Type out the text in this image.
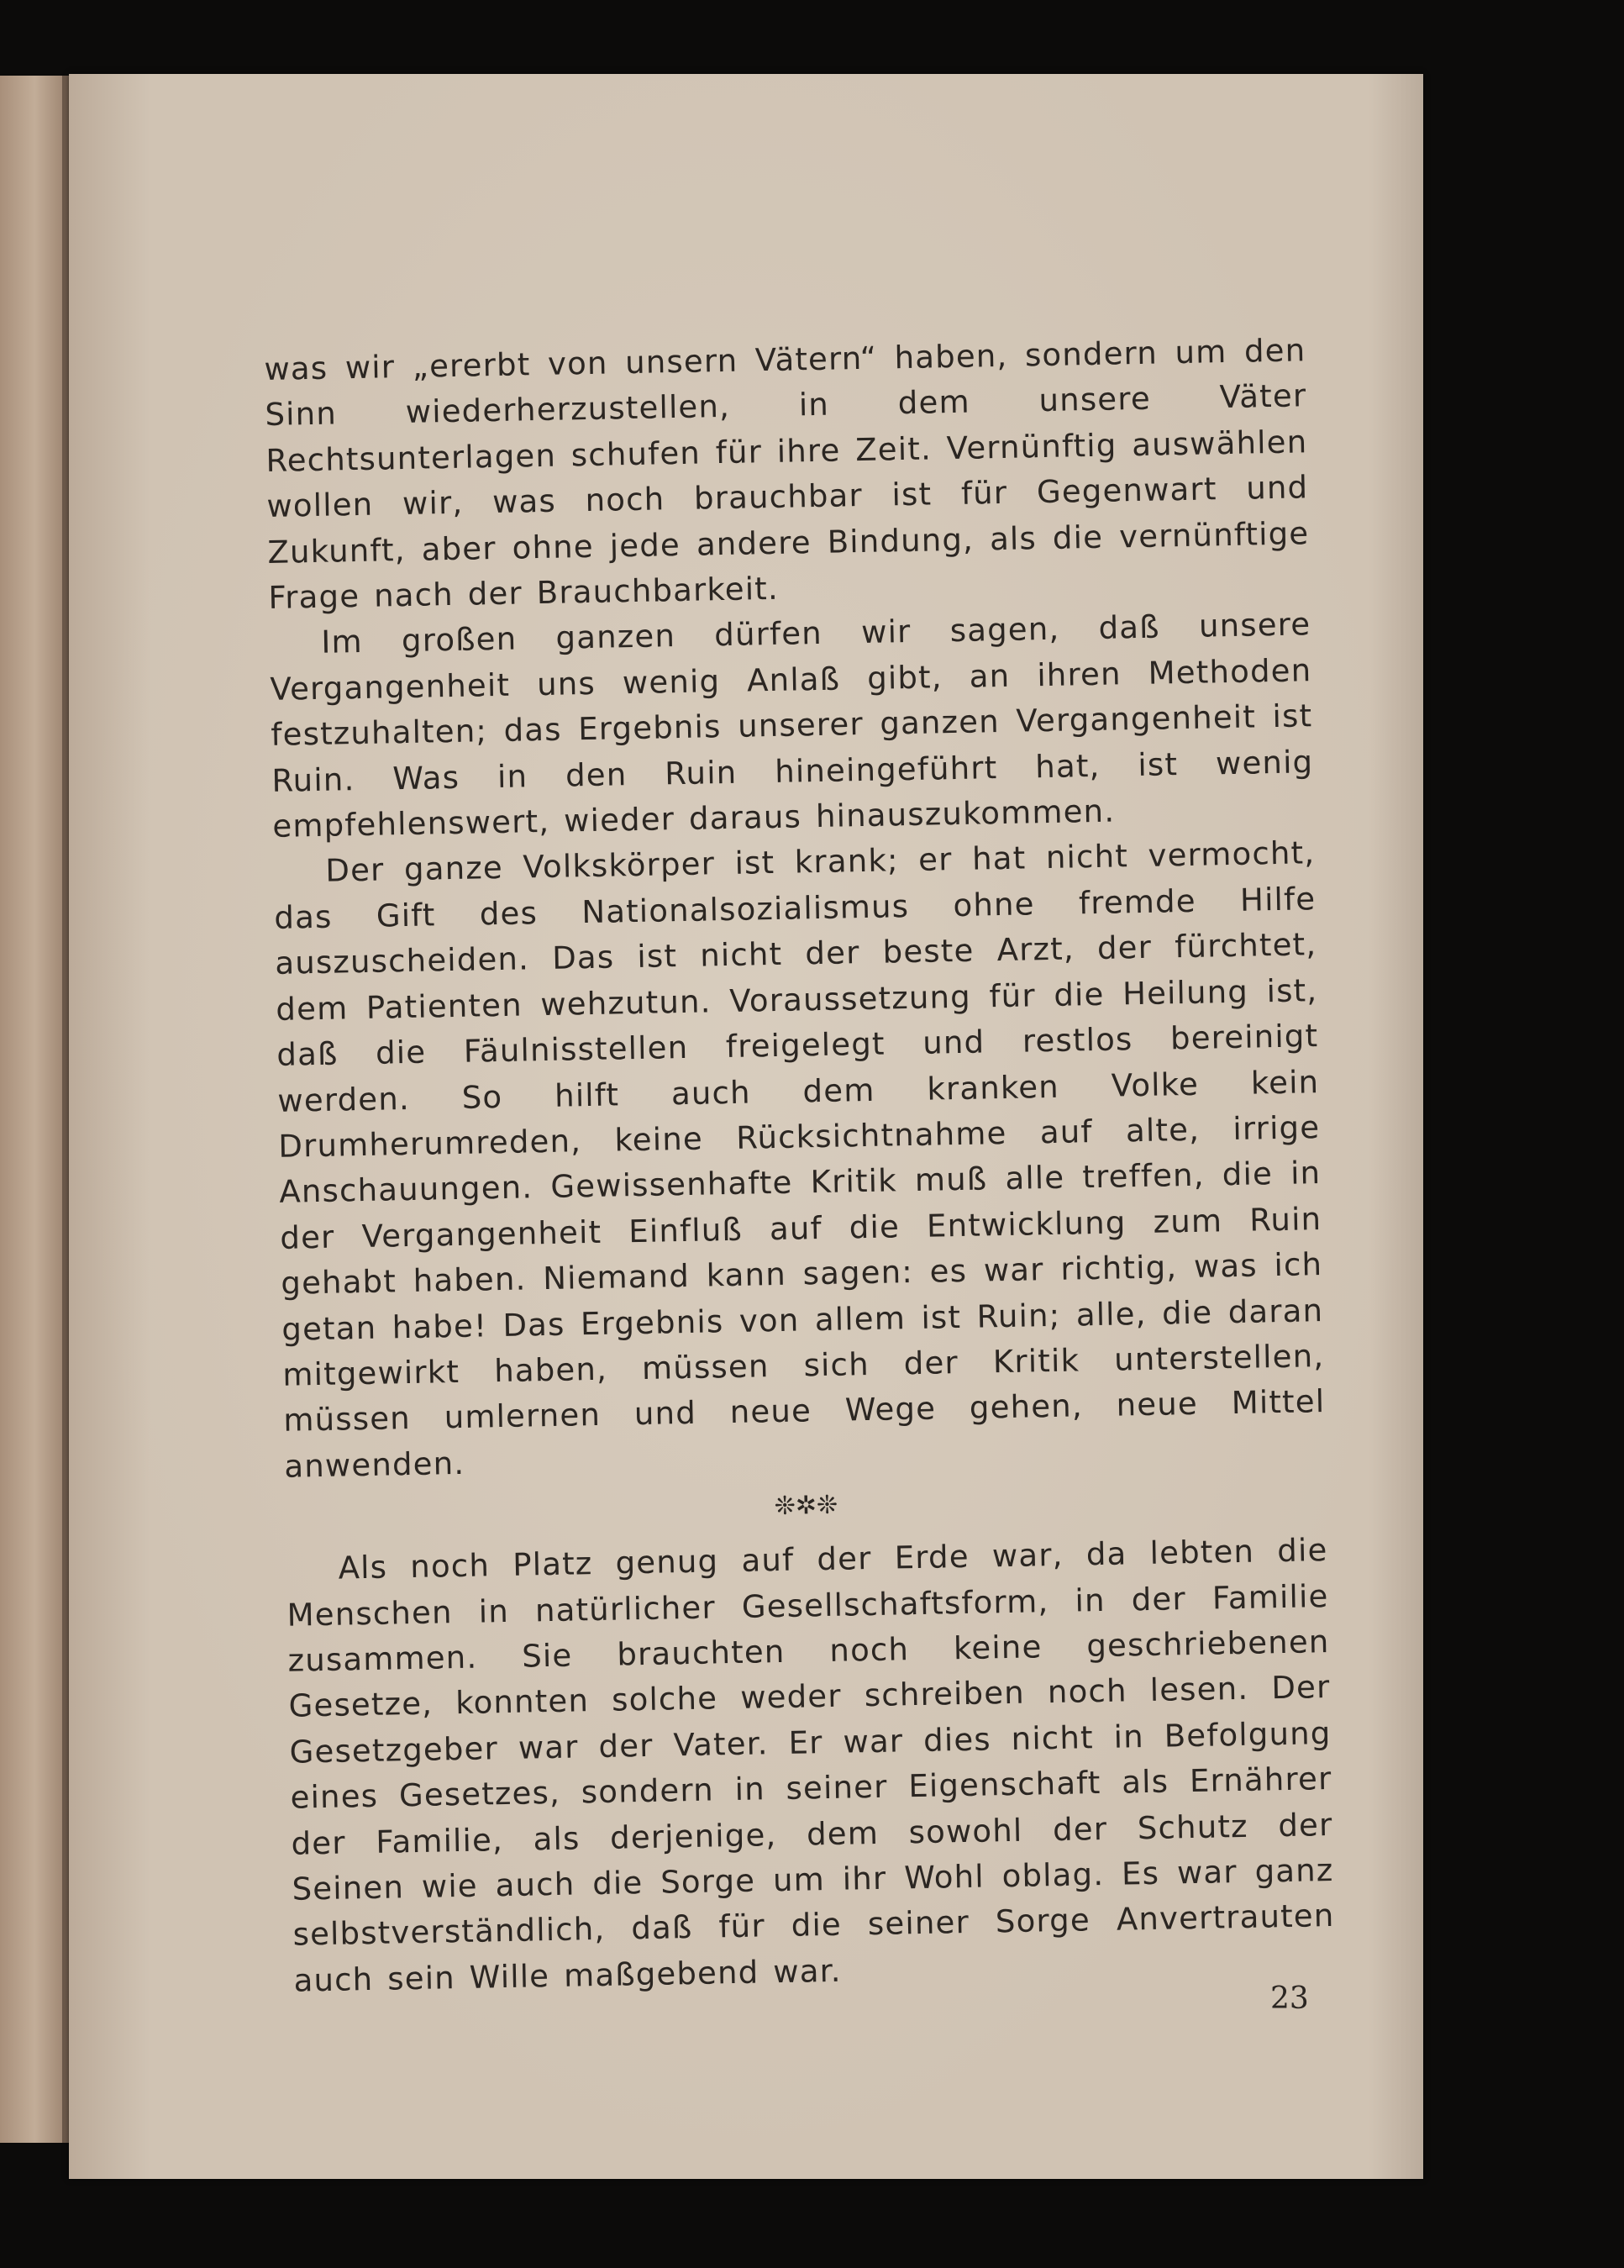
was wir „ererbt von unsern Vätern“ haben, sondern um den Sinn wiederherzustellen, in dem unsere Väter Rechtsunterlagen schufen für ihre Zeit. Vernünftig auswählen wollen wir, was noch brauchbar ist für Gegenwart und Zukunft, aber ohne jede andere Bindung, als die vernünftige Frage nach der Brauchbarkeit.

Im großen ganzen dürfen wir sagen, daß unsere Vergangenheit uns wenig Anlaß gibt, an ihren Methoden festzuhalten; das Ergebnis unserer ganzen Vergangenheit ist Ruin. Was in den Ruin hineingeführt hat, ist wenig empfehlenswert, wieder daraus hinauszukommen.

Der ganze Volkskörper ist krank; er hat nicht vermocht, das Gift des Nationalsozialismus ohne fremde Hilfe auszuscheiden. Das ist nicht der beste Arzt, der fürchtet, dem Patienten wehzutun. Voraussetzung für die Heilung ist, daß die Fäulnisstellen freigelegt und restlos bereinigt werden. So hilft auch dem kranken Volke kein Drumherumreden, keine Rücksichtnahme auf alte, irrige Anschauungen. Gewissenhafte Kritik muß alle treffen, die in der Vergangenheit Einfluß auf die Entwicklung zum Ruin gehabt haben. Niemand kann sagen: es war richtig, was ich getan habe! Das Ergebnis von allem ist Ruin; alle, die daran mitgewirkt haben, müssen sich der Kritik unterstellen, müssen umlernen und neue Wege gehen, neue Mittel anwenden.

❊✲❊

Als noch Platz genug auf der Erde war, da lebten die Menschen in natürlicher Gesellschaftsform, in der Familie zusammen. Sie brauchten noch keine geschriebenen Gesetze, konnten solche weder schreiben noch lesen. Der Gesetzgeber war der Vater. Er war dies nicht in Befolgung eines Gesetzes, sondern in seiner Eigenschaft als Ernährer der Familie, als derjenige, dem sowohl der Schutz der Seinen wie auch die Sorge um ihr Wohl oblag. Es war ganz selbstverständlich, daß für die seiner Sorge Anvertrauten auch sein Wille maßgebend war.

23
